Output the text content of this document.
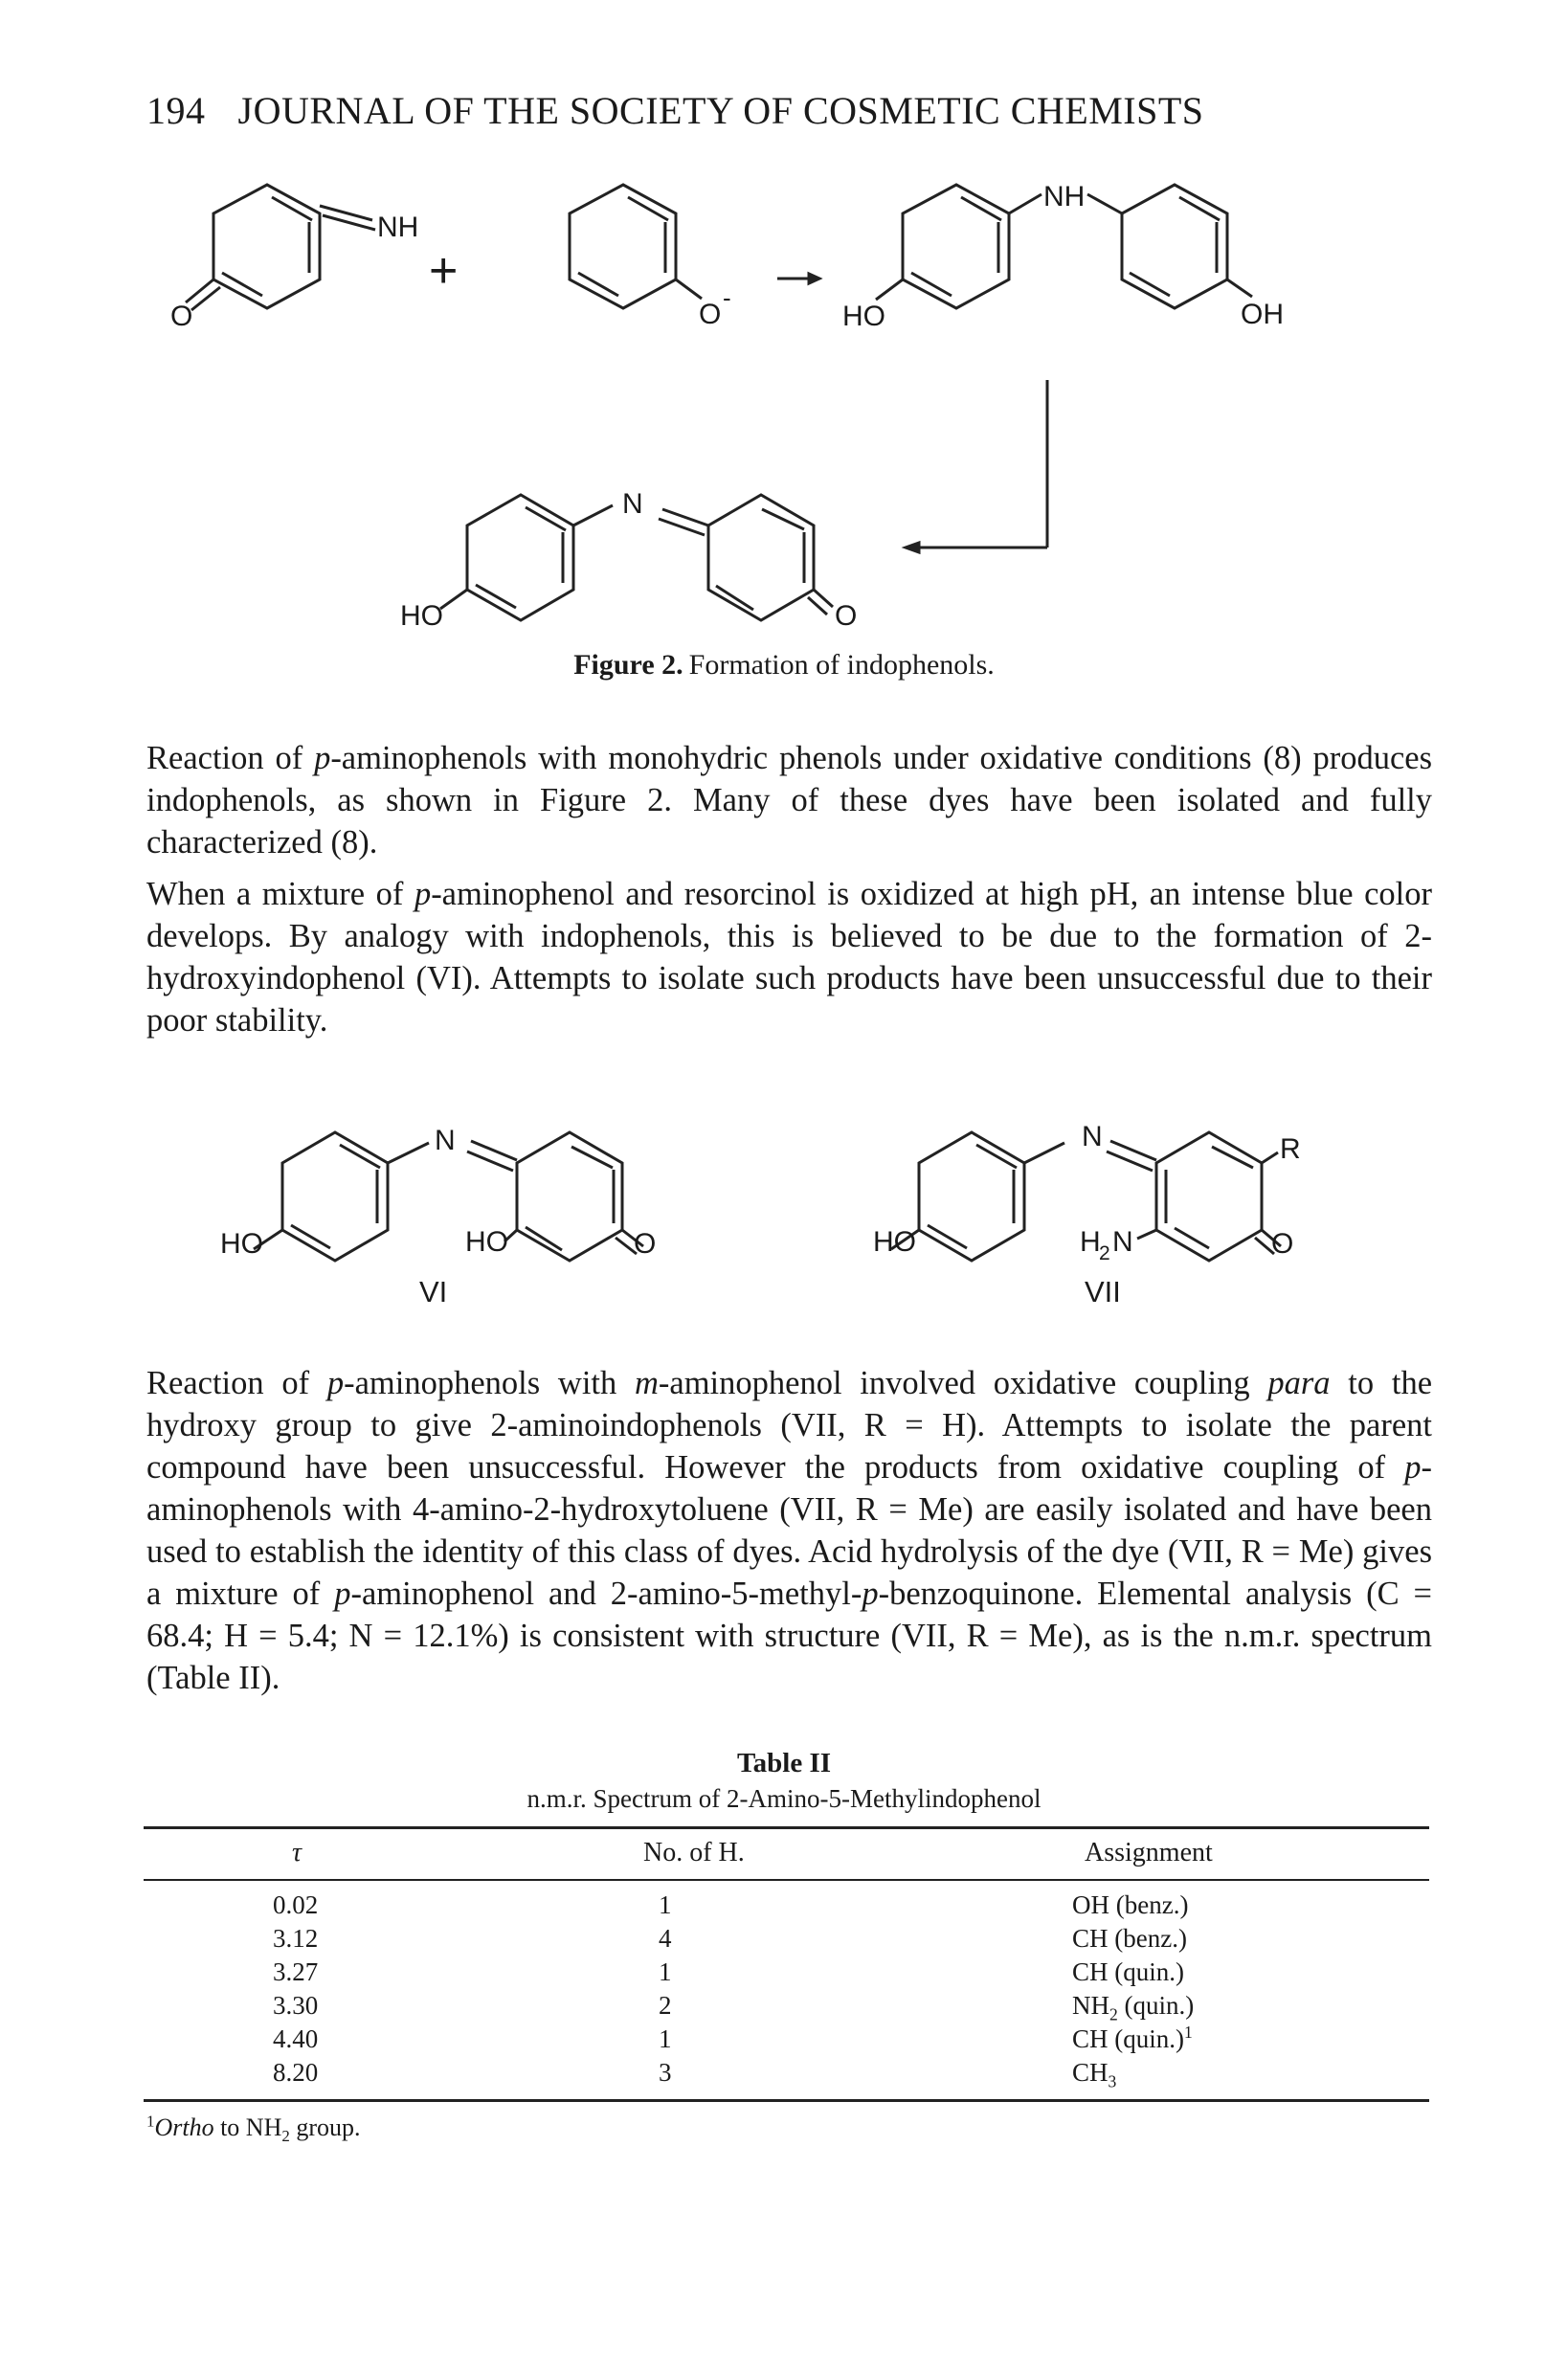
194 JOURNAL OF THE SOCIETY OF COSMETIC CHEMISTS
NH
O
+
O
-
HO
NH
OH
HO
N
O
HO
N
HO	O
VI
HO
N	R
H
2 N	O
VII
Figure 2. Formation of indophenols.
Reaction of p-aminophenols with monohydric phenols under oxidative conditions (8) produces indophenols, as shown in Figure 2. Many of these dyes have been isolated and fully characterized (8).
When a mixture of p-aminophenol and resorcinol is oxidized at high pH, an intense blue color develops. By analogy with indophenols, this is believed to be due to the formation of 2-hydroxyindophenol (VI). Attempts to isolate such products have been unsuccessful due to their poor stability.
Reaction of p-aminophenols with m-aminophenol involved oxidative coupling para to the hydroxy group to give 2-aminoindophenols (VII, R = H). Attempts to isolate the parent compound have been unsuccessful. However the products from oxidative coupling of p-aminophenols with 4-amino-2-hydroxytoluene (VII, R = Me) are easily isolated and have been used to establish the identity of this class of dyes. Acid hydrolysis of the dye (VII, R = Me) gives a mixture of p-aminophenol and 2-amino-5-methyl-p-benzoquinone. Elemental analysis (C = 68.4; H = 5.4; N = 12.1%) is consistent with structure (VII, R = Me), as is the n.m.r. spectrum (Table II).
Table II
n.m.r. Spectrum of 2-Amino-5-Methylindophenol
τ	No. of H.	Assignment
0.02	1	OH (benz.)
3.12	4	CH (benz.)
3.27	1	CH (quin.)
3.30	2	$NH_2$ (quin.)
4.40	1	CH (quin.)$^1$
8.20	3	$CH_3$
$^1$Ortho to $NH_2$ group.
